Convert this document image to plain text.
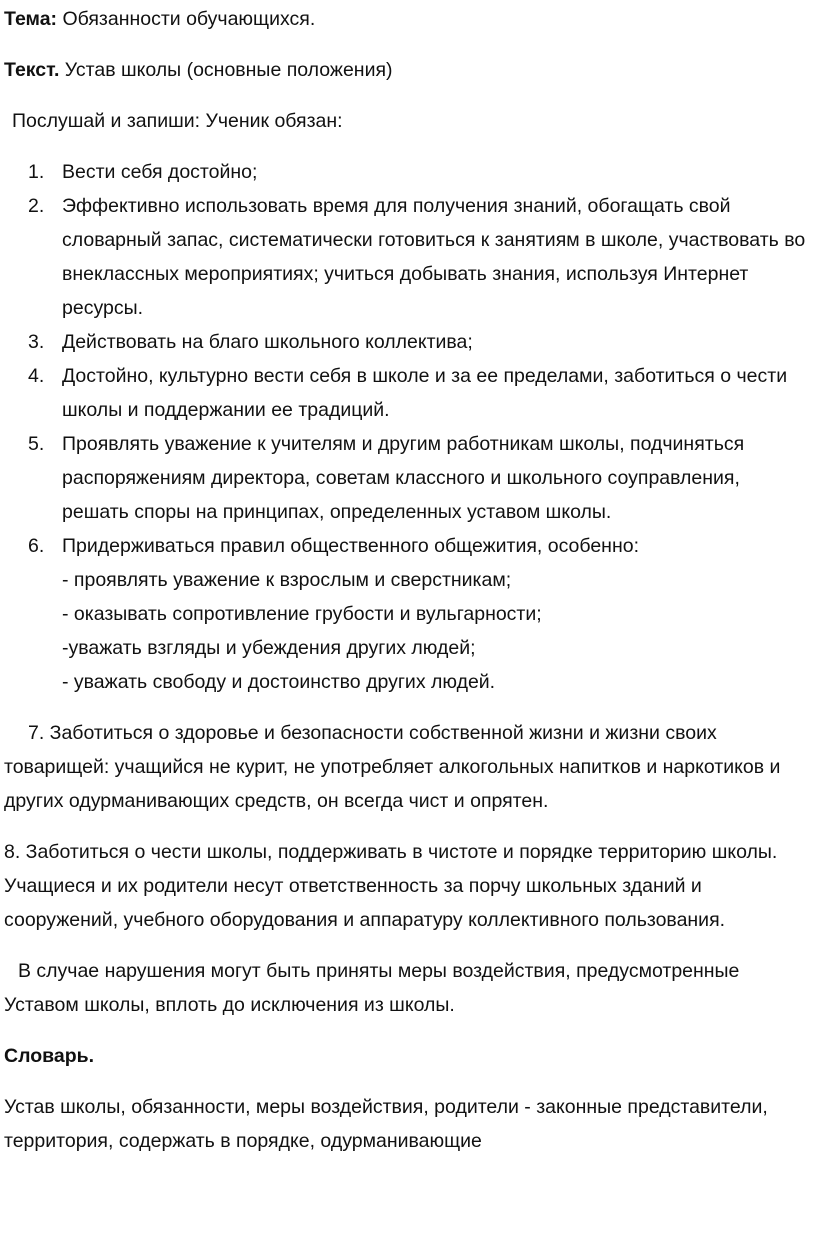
Тема: Обязанности обучающихся.

Текст. Устав школы (основные положения)

Послушай и запиши: Ученик обязан:

1. Вести себя достойно;
2. Эффективно использовать время для получения знаний, обогащать свой словарный запас, систематически готовиться к занятиям в школе, участвовать во внеклассных мероприятиях; учиться добывать знания, используя Интернет ресурсы.
3. Действовать на благо школьного коллектива;
4. Достойно, культурно вести себя в школе и за ее пределами, заботиться о чести школы и поддержании ее традиций.
5. Проявлять уважение к учителям и другим работникам школы, подчиняться распоряжениям директора, советам классного и школьного соуправления, решать споры на принципах, определенных уставом школы.
6. Придерживаться правил общественного общежития, особенно:
- проявлять уважение к взрослым и сверстникам;
- оказывать сопротивление грубости и вульгарности;
-уважать взгляды и убеждения других людей;
- уважать свободу и достоинство других людей.

7. Заботиться о здоровье и безопасности собственной жизни и жизни своих товарищей: учащийся не курит, не употребляет алкогольных напитков и наркотиков и других одурманивающих средств, он всегда чист и опрятен.

8. Заботиться о чести школы, поддерживать в чистоте и порядке территорию школы. Учащиеся и их родители несут ответственность за порчу школьных зданий и сооружений, учебного оборудования и аппаратуру коллективного пользования.

В случае нарушения могут быть приняты меры воздействия, предусмотренные Уставом школы, вплоть до исключения из школы.

Словарь.

Устав школы, обязанности, меры воздействия, родители - законные представители, территория, содержать в порядке, одурманивающие
